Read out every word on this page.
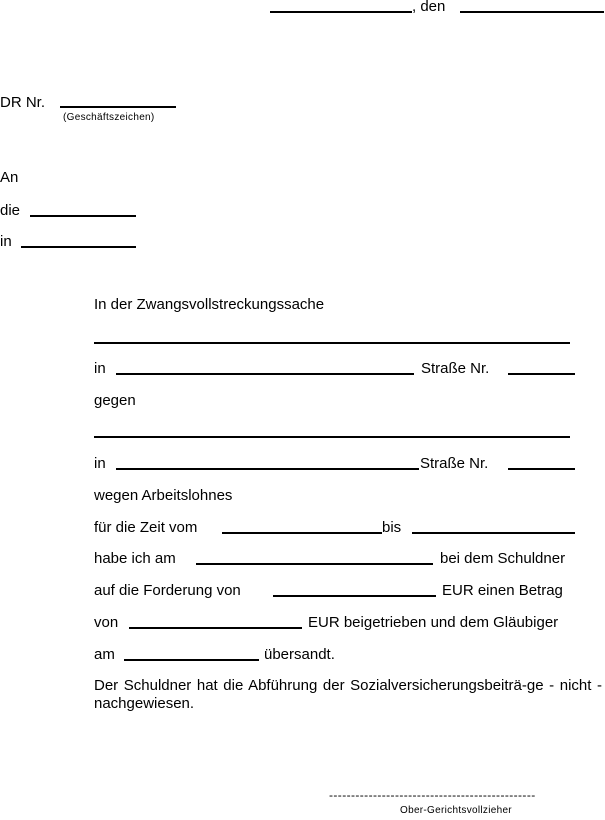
, den
DR Nr.
(Geschäftszeichen)
An
die
in
In der Zwangsvollstreckungssache
in	Straße Nr.
gegen
in	Straße Nr.
wegen Arbeitslohnes
für die Zeit vom	bis
habe ich am	bei dem Schuldner
auf die Forderung von	EUR einen Betrag
von	EUR beigetrieben und dem Gläubiger
am	übersandt.
Der Schuldner hat die Abführung der Sozialversicherungsbeiträ-ge - nicht - nachgewiesen.
-----------------------------------------------
Ober-Gerichtsvollzieher
